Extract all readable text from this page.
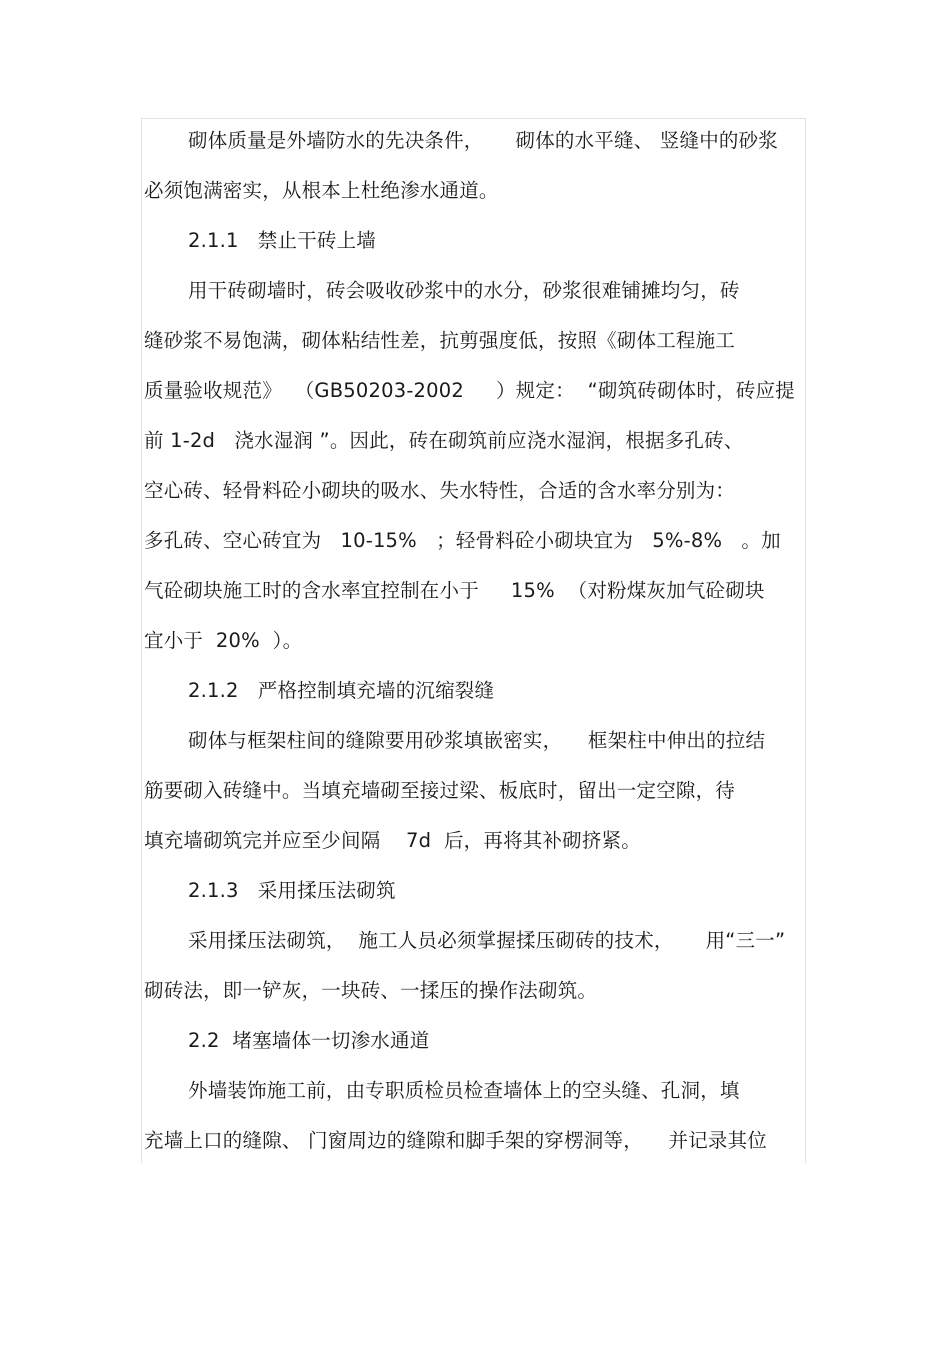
砌体质量是外墙防水的先决条件，     砌体的水平缝、 竖缝中的砂浆
必须饱满密实，从根本上杜绝渗水通道。
2.1.1   禁止干砖上墙
用干砖砌墙时，砖会吸收砂浆中的水分，砂浆很难铺摊均匀，砖
缝砂浆不易饱满，砌体粘结性差，抗剪强度低，按照《砌体工程施工
质量验收规范》  （GB50203-2002     ）规定：  “砌筑砖砌体时，砖应提
前 1-2d   浇水湿润 ”。因此，砖在砌筑前应浇水湿润，根据多孔砖、
空心砖、轻骨料砼小砌块的吸水、失水特性，合适的含水率分别为：
多孔砖、空心砖宜为   10-15%   ；轻骨料砼小砌块宜为   5%-8%   。加
气砼砌块施工时的含水率宜控制在小于     15%  （对粉煤灰加气砼砌块
宜小于  20%  ）。
2.1.2   严格控制填充墙的沉缩裂缝
砌体与框架柱间的缝隙要用砂浆填嵌密实，    框架柱中伸出的拉结
筋要砌入砖缝中。当填充墙砌至接过梁、板底时，留出一定空隙，待
填充墙砌筑完并应至少间隔    7d  后，再将其补砌挤紧。
2.1.3   采用揉压法砌筑
采用揉压法砌筑，  施工人员必须掌握揉压砌砖的技术，     用“三一”
砌砖法，即一铲灰，一块砖、一揉压的操作法砌筑。
2.2  堵塞墙体一切渗水通道
外墙装饰施工前，由专职质检员检查墙体上的空头缝、孔洞，填
充墙上口的缝隙、 门窗周边的缝隙和脚手架的穿楞洞等，    并记录其位
